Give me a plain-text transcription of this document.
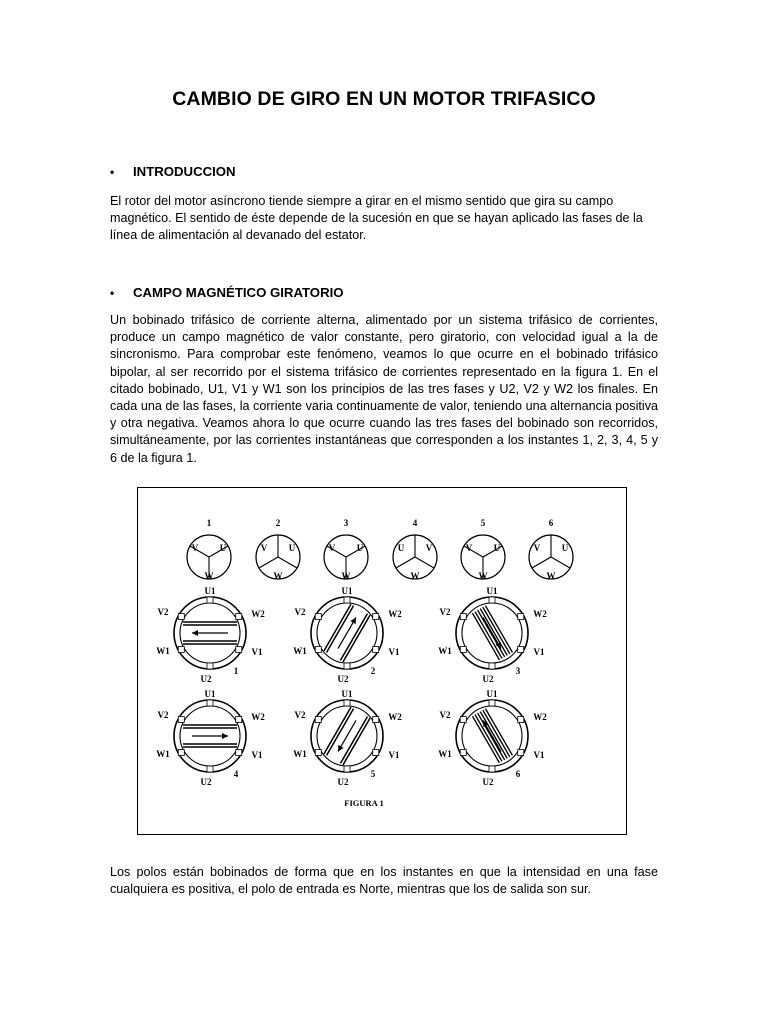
CAMBIO DE GIRO EN UN MOTOR TRIFASICO
• INTRODUCCION
El rotor del motor asíncrono tiende siempre a girar en el mismo sentido que gira su campo magnético. El sentido de éste depende de la sucesión en que se hayan aplicado las fases de la línea de alimentación al devanado del estator.
• CAMPO MAGNÉTICO GIRATORIO
Un bobinado trifásico de corriente alterna, alimentado por un sistema trifásico de corrientes, produce un campo magnético de valor constante, pero giratorio, con velocidad igual a la de sincronismo. Para comprobar este fenómeno, veamos lo que ocurre en el bobinado trifásico bipolar, al ser recorrido por el sistema trifásico de corrientes representado en la figura 1. En el citado bobinado, U1, V1 y W1 son los principios de las tres fases y U2, V2 y W2 los finales. En cada una de las fases, la corriente varia continuamente de valor, teniendo una alternancia positiva y otra negativa. Veamos ahora lo que ocurre cuando las tres fases del bobinado son recorridos, simultáneamente, por las corrientes instantáneas que corresponden a los instantes 1, 2, 3, 4, 5 y 6 de la figura 1.
1
V U
W
2
V U
W
3
V U
W
4
U V
W
5
V U
W
6
V U
W
U1
V2	W2
W1	V1
U2
1
U1
V2	W2
W1	V1
U2
2
U1
V2	W2
W1	V1
U2
3
U1
V2	W2
W1	V1
U2
4
U1
V2	W2
W1	V1
U2
5
U1
V2	W2
W1	V1
U2
6
FIGURA 1
Los polos están bobinados de forma que en los instantes en que la intensidad en una fase cualquiera es positiva, el polo de entrada es Norte, mientras que los de salida son sur.
